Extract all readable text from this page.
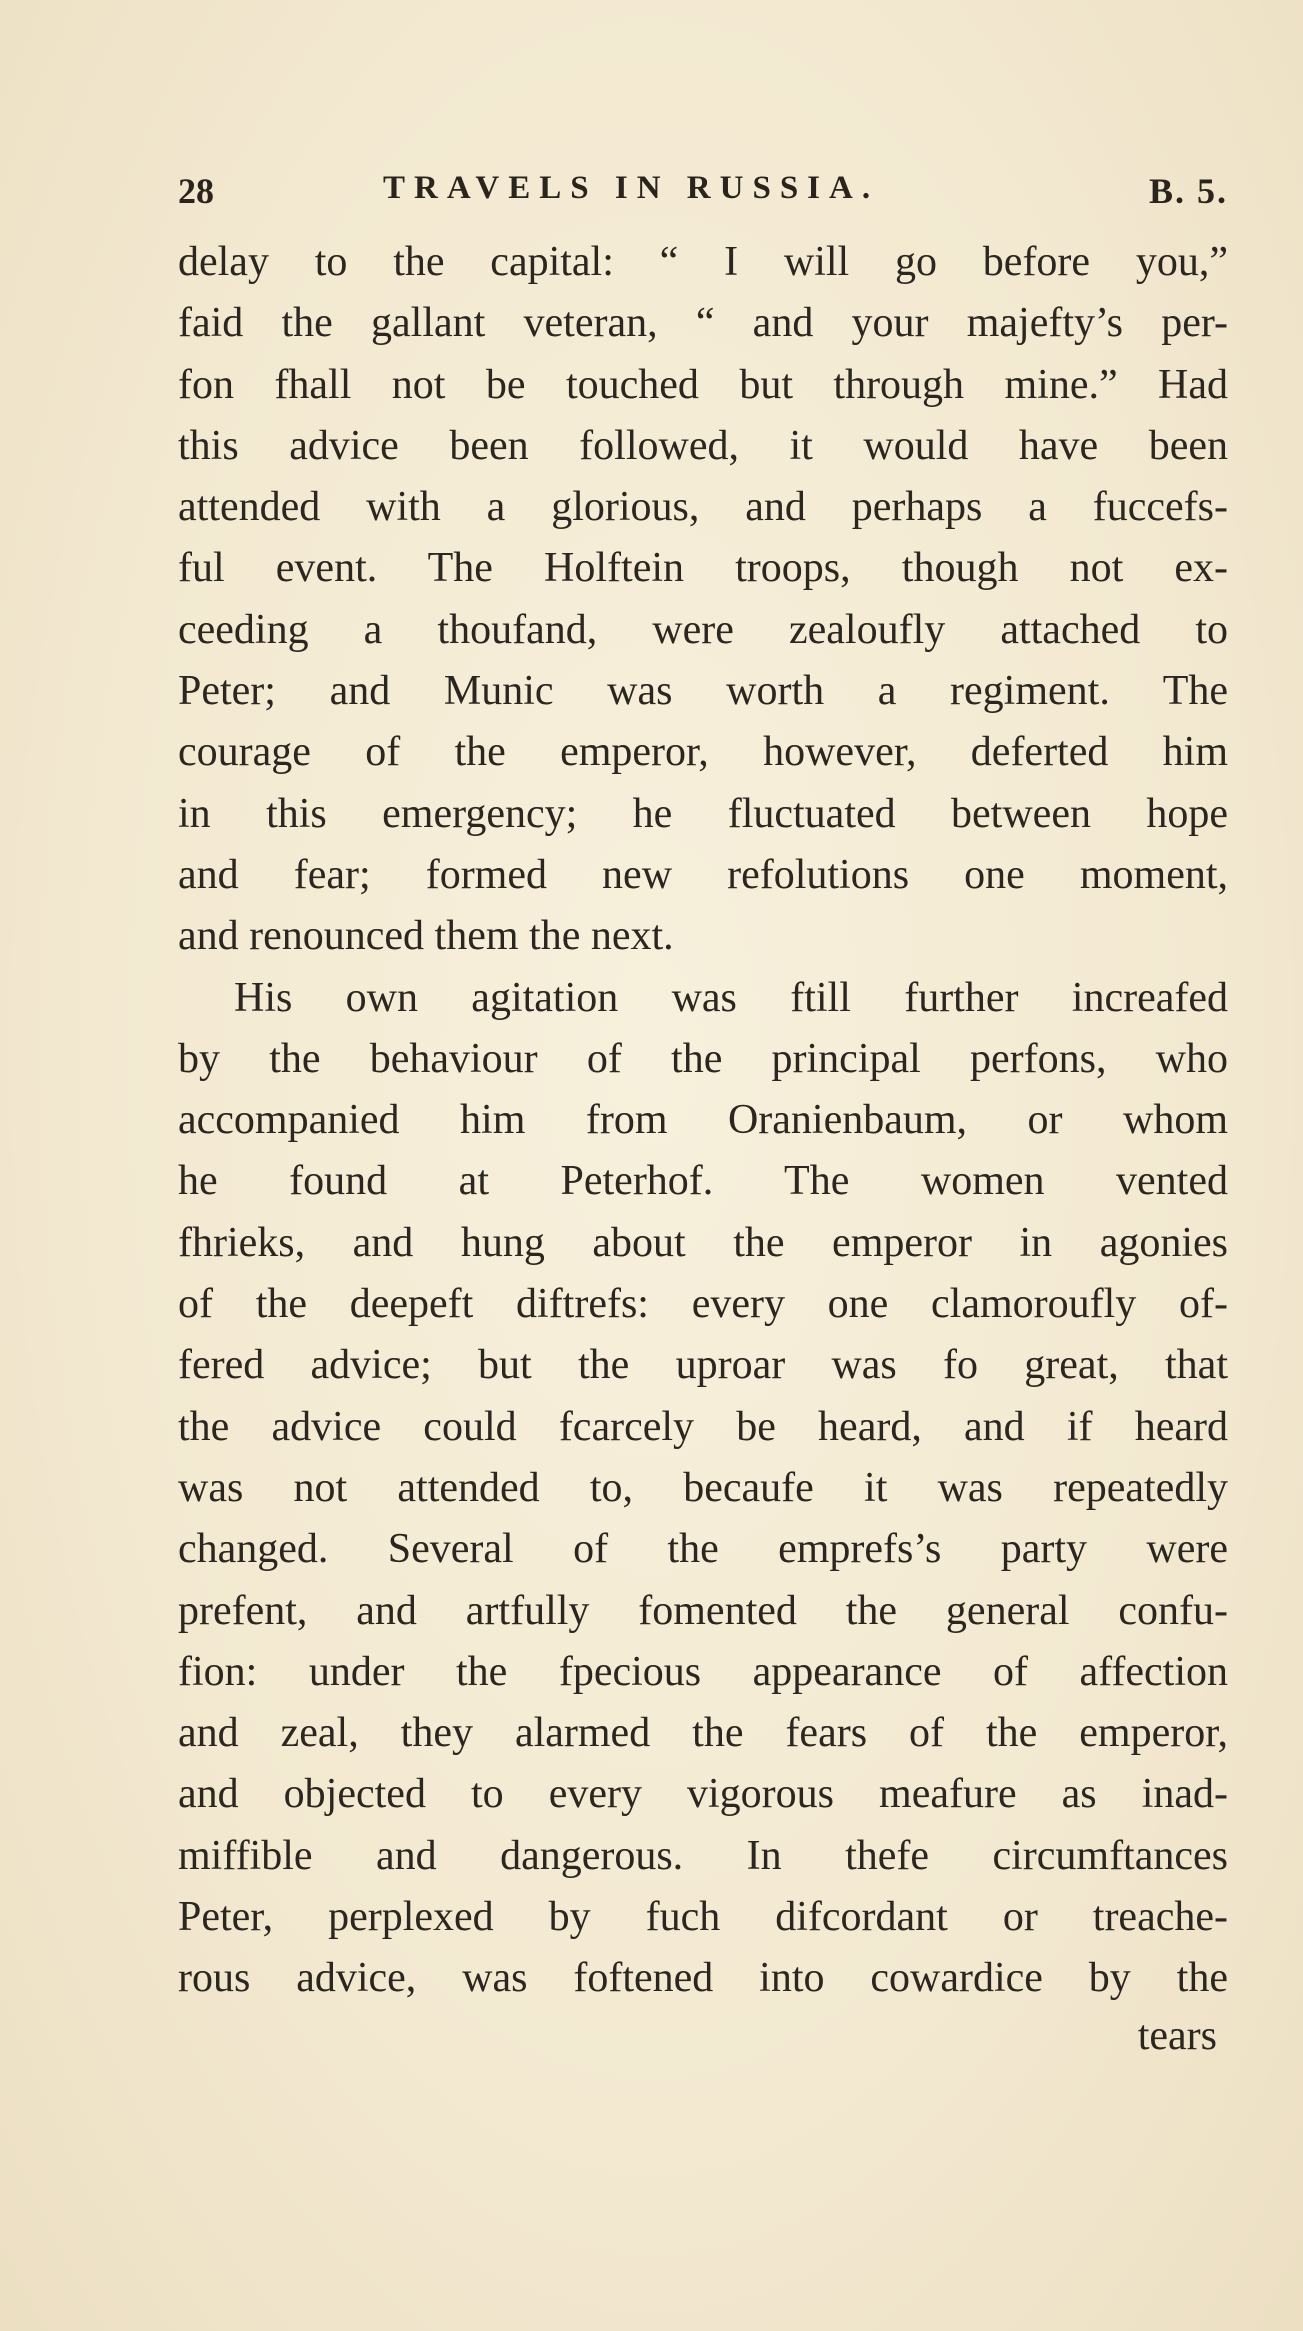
28	TRAVELS IN RUSSIA.	B. 5.
delay to the capital: “ I will go before you,”
faid the gallant veteran, “ and your majefty’s per-
fon fhall not be touched but through mine.” Had
this advice been followed, it would have been
attended with a glorious, and perhaps a fuccefs-
ful event. The Holftein troops, though not ex-
ceeding a thoufand, were zealoufly attached to
Peter; and Munic was worth a regiment. The
courage of the emperor, however, deferted him
in this emergency; he fluctuated between hope
and fear; formed new refolutions one moment,
and renounced them the next.
His own agitation was ftill further increafed
by the behaviour of the principal perfons, who
accompanied him from Oranienbaum, or whom
he found at Peterhof. The women vented
fhrieks, and hung about the emperor in agonies
of the deepeft diftrefs: every one clamoroufly of-
fered advice; but the uproar was fo great, that
the advice could fcarcely be heard, and if heard
was not attended to, becaufe it was repeatedly
changed. Several of the emprefs’s party were
prefent, and artfully fomented the general confu-
fion: under the fpecious appearance of affection
and zeal, they alarmed the fears of the emperor,
and objected to every vigorous meafure as inad-
miffible and dangerous. In thefe circumftances
Peter, perplexed by fuch difcordant or treache-
rous advice, was foftened into cowardice by the
tears
